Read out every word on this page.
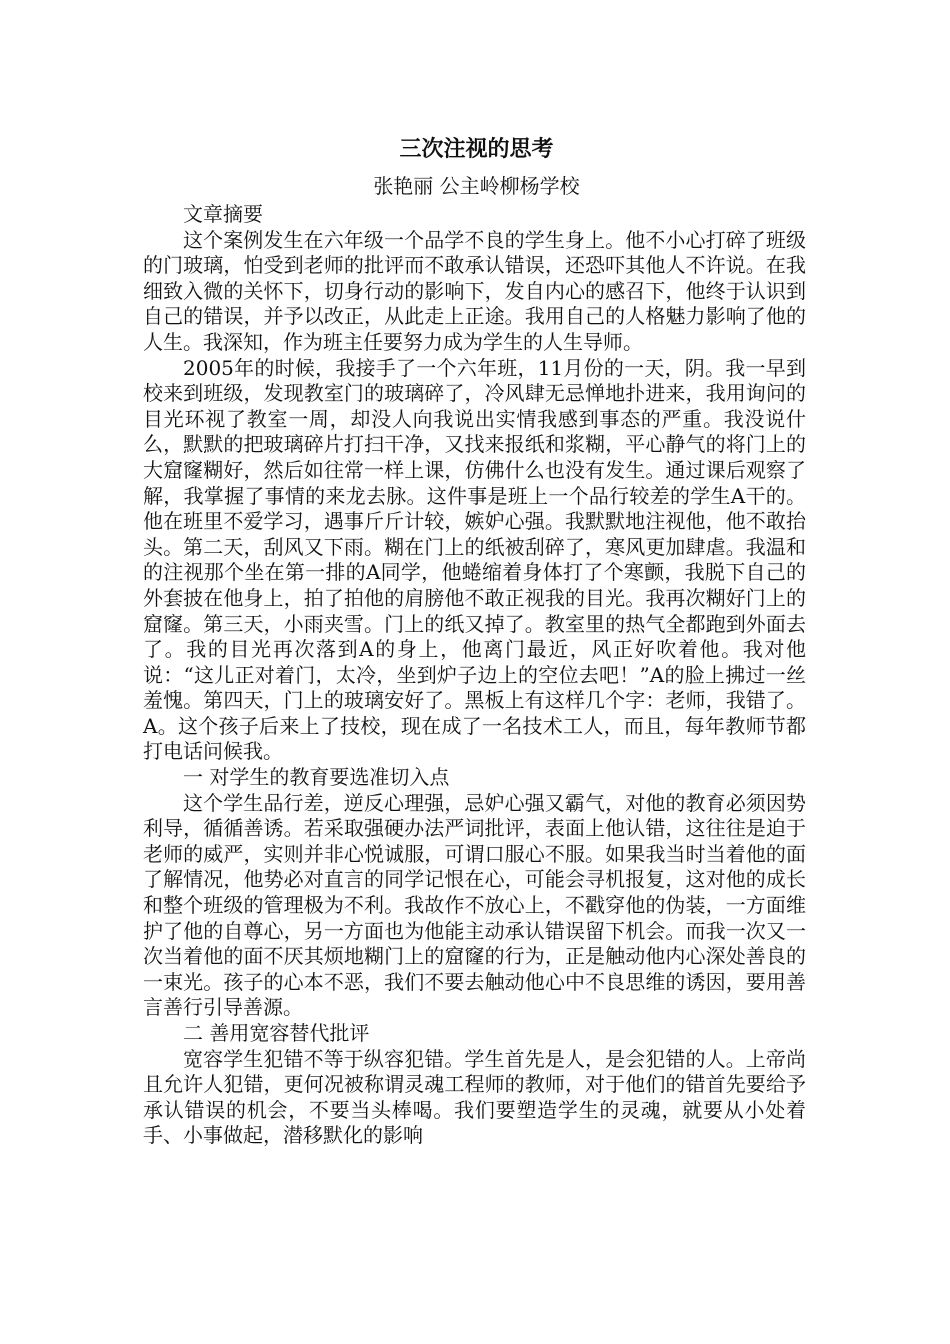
三次注视的思考

张艳丽 公主岭柳杨学校

文章摘要

这个案例发生在六年级一个品学不良的学生身上。他不小心打碎了班级的门玻璃，怕受到老师的批评而不敢承认错误，还恐吓其他人不许说。在我细致入微的关怀下，切身行动的影响下，发自内心的感召下，他终于认识到自己的错误，并予以改正，从此走上正途。我用自己的人格魅力影响了他的人生。我深知，作为班主任要努力成为学生的人生导师。

2005年的时候，我接手了一个六年班，11月份的一天，阴。我一早到校来到班级，发现教室门的玻璃碎了，冷风肆无忌惮地扑进来，我用询问的目光环视了教室一周，却没人向我说出实情我感到事态的严重。我没说什么，默默的把玻璃碎片打扫干净，又找来报纸和浆糊，平心静气的将门上的大窟窿糊好，然后如往常一样上课，仿佛什么也没有发生。通过课后观察了解，我掌握了事情的来龙去脉。这件事是班上一个品行较差的学生A干的。他在班里不爱学习，遇事斤斤计较，嫉妒心强。我默默地注视他，他不敢抬头。第二天，刮风又下雨。糊在门上的纸被刮碎了，寒风更加肆虐。我温和的注视那个坐在第一排的A同学，他蜷缩着身体打了个寒颤，我脱下自己的外套披在他身上，拍了拍他的肩膀他不敢正视我的目光。我再次糊好门上的窟窿。第三天，小雨夹雪。门上的纸又掉了。教室里的热气全都跑到外面去了。我的目光再次落到A的身上，他离门最近，风正好吹着他。我对他说：“这儿正对着门，太冷，坐到炉子边上的空位去吧！”A的脸上拂过一丝羞愧。第四天，门上的玻璃安好了。黑板上有这样几个字：老师，我错了。A。这个孩子后来上了技校，现在成了一名技术工人，而且，每年教师节都打电话问候我。

一 对学生的教育要选准切入点

这个学生品行差，逆反心理强，忌妒心强又霸气，对他的教育必须因势利导，循循善诱。若采取强硬办法严词批评，表面上他认错，这往往是迫于老师的威严，实则并非心悦诚服，可谓口服心不服。如果我当时当着他的面了解情况，他势必对直言的同学记恨在心，可能会寻机报复，这对他的成长和整个班级的管理极为不利。我故作不放心上，不戳穿他的伪装，一方面维护了他的自尊心，另一方面也为他能主动承认错误留下机会。而我一次又一次当着他的面不厌其烦地糊门上的窟窿的行为，正是触动他内心深处善良的一束光。孩子的心本不恶，我们不要去触动他心中不良思维的诱因，要用善言善行引导善源。

二 善用宽容替代批评

宽容学生犯错不等于纵容犯错。学生首先是人，是会犯错的人。上帝尚且允许人犯错，更何况被称谓灵魂工程师的教师，对于他们的错首先要给予承认错误的机会，不要当头棒喝。我们要塑造学生的灵魂，就要从小处着手、小事做起，潜移默化的影响
